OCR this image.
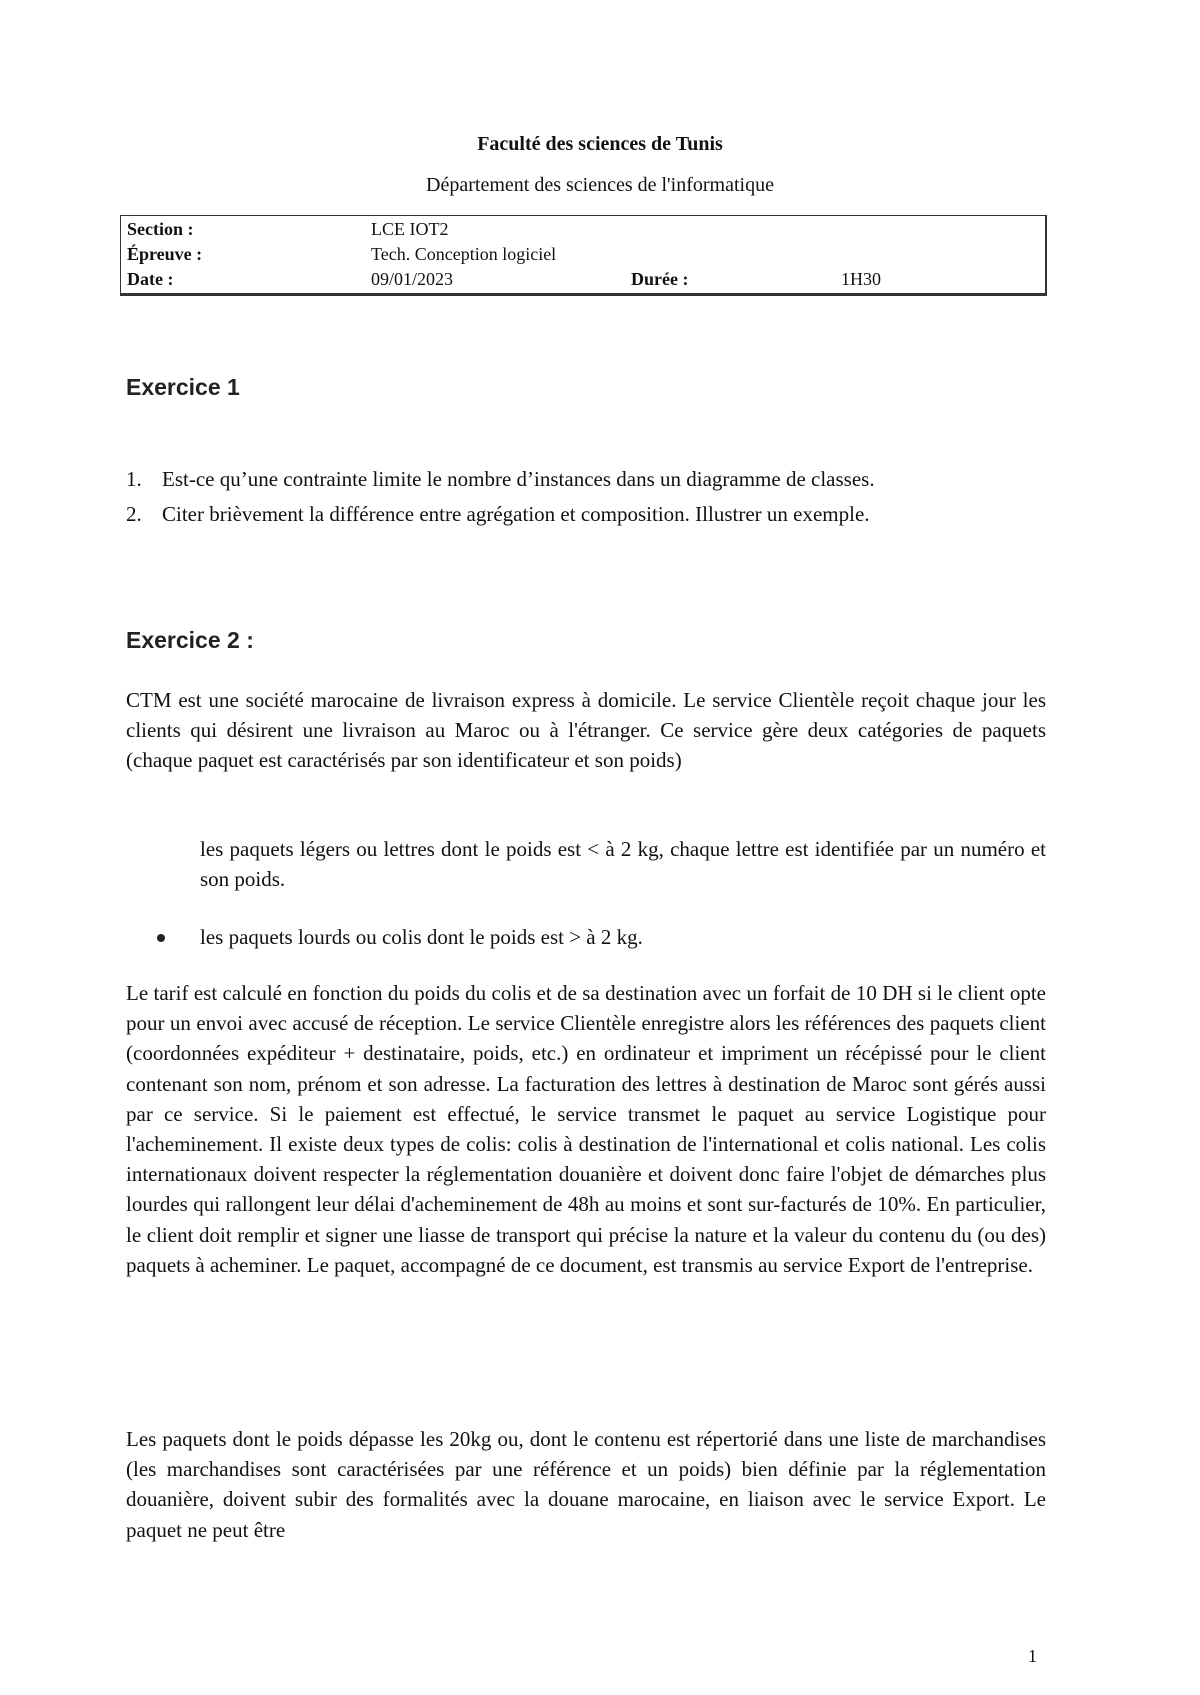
Faculté des sciences de Tunis
Département des sciences de l'informatique
Section :	LCE IOT2
Épreuve :	Tech. Conception logiciel
Date :	09/01/2023	Durée :	1H30
Exercice 1
1. Est-ce qu’une contrainte limite le nombre d’instances dans un diagramme de classes.
2. Citer brièvement la différence entre agrégation et composition. Illustrer un exemple.
Exercice 2 :
CTM est une société marocaine de livraison express à domicile. Le service Clientèle reçoit chaque jour les clients qui désirent une livraison au Maroc ou à l'étranger. Ce service gère deux catégories de paquets (chaque paquet est caractérisés par son identificateur et son poids)
les paquets légers ou lettres dont le poids est < à 2 kg, chaque lettre est identifiée par un numéro et son poids.
les paquets lourds ou colis dont le poids est > à 2 kg.
Le tarif est calculé en fonction du poids du colis et de sa destination avec un forfait de 10 DH si le client opte pour un envoi avec accusé de réception. Le service Clientèle enregistre alors les références des paquets client (coordonnées expéditeur + destinataire, poids, etc.) en ordinateur et impriment un récépissé pour le client contenant son nom, prénom et son adresse. La facturation des lettres à destination de Maroc sont gérés aussi par ce service. Si le paiement est effectué, le service transmet le paquet au service Logistique pour l'acheminement. Il existe deux types de colis: colis à destination de l'international et colis national. Les colis internationaux doivent respecter la réglementation douanière et doivent donc faire l'objet de démarches plus lourdes qui rallongent leur délai d'acheminement de 48h au moins et sont sur-facturés de 10%. En particulier, le client doit remplir et signer une liasse de transport qui précise la nature et la valeur du contenu du (ou des) paquets à acheminer. Le paquet, accompagné de ce document, est transmis au service Export de l'entreprise.
Les paquets dont le poids dépasse les 20kg ou, dont le contenu est répertorié dans une liste de marchandises (les marchandises sont caractérisées par une référence et un poids) bien définie par la réglementation douanière, doivent subir des formalités avec la douane marocaine, en liaison avec le service Export. Le paquet ne peut être
1
